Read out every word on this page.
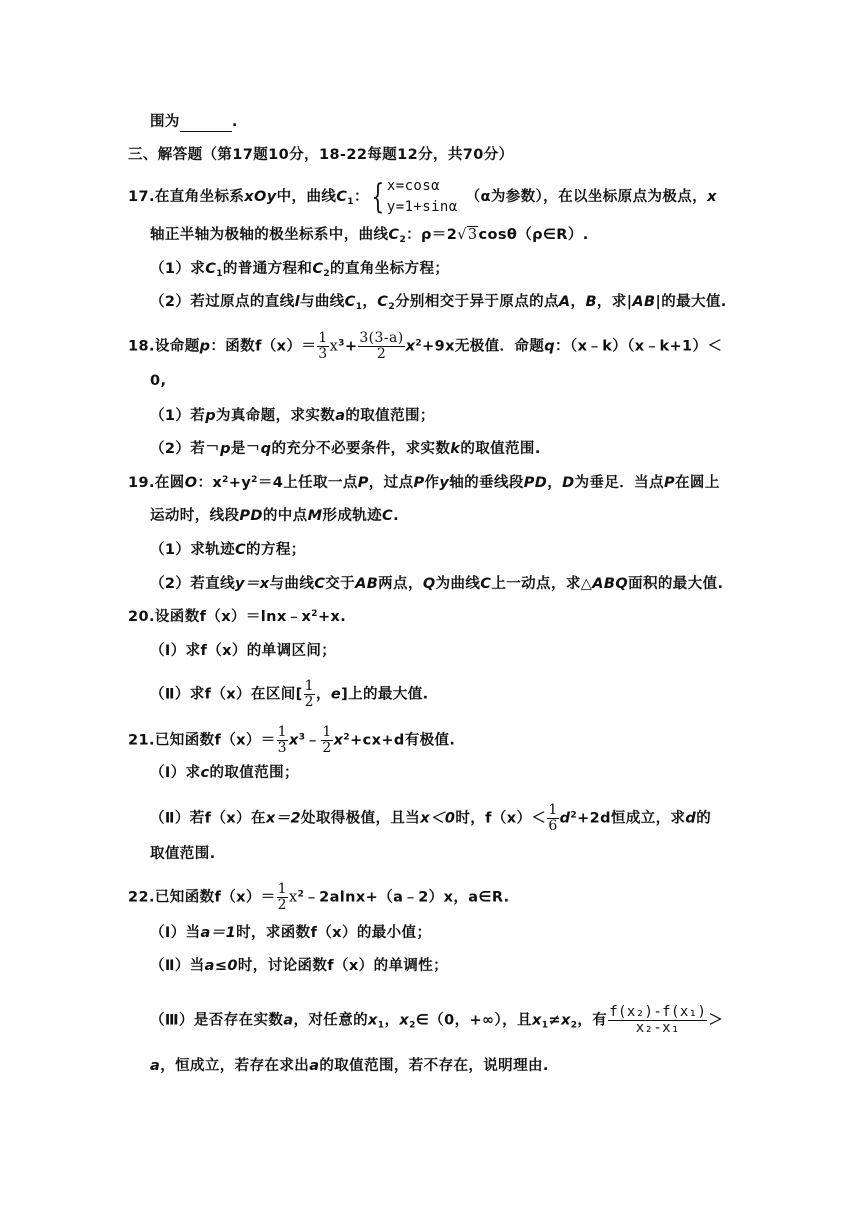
围为	.
三、解答题（第17题10分，18-22每题12分，共70分）
17.在直角坐标系xOy中，曲线$C_1$：{ x=cosα
y=1+sinα
（α为参数），在以坐标原点为极点，x
轴正半轴为极轴的极坐标系中，曲线$C_2$：ρ＝2√3cosθ（ρ∈R）.
（1）求$C_1$的普通方程和$C_2$的直角坐标方程；
（2）若过原点的直线l与曲线$C_1$，$C_2$分别相交于异于原点的点A，B，求|AB|的最大值.
18.设命题p：函数$f(x)= \frac{1}{3} x^3+ \frac{3(3-a)}{2} x^2+9x$无极值．命题q：（x﹣k）（x﹣k+1）＜
0,
（1）若p为真命题，求实数a的取值范围；
（2）若￢p是￢q的充分不必要条件，求实数k的取值范围.
19.在圆O：$x^2+y^2=4$上任取一点P，过点P作y轴的垂线段PD，D为垂足．当点P在圆上
运动时，线段PD的中点M形成轨迹C.
（1）求轨迹C的方程；
（2）若直线y＝x与曲线C交于AB两点，Q为曲线C上一动点，求△ABQ面积的最大值.
20.设函数$f(x)=\ln x﹣x^2+x$.
（Ⅰ）求f（x）的单调区间；
（Ⅱ）求f（x）在区间[ $\frac{1}{2}$ ，e]上的最大值.
21.已知函数$f(x)= \frac{1}{3}$ $x^3﹣ \frac{1}{2} x^2+cx+d$有极值.
（Ⅰ）求c的取值范围；
（Ⅱ）若f（x）在x＝2处取得极值，且当x＜0时，$f(x)< \frac{1}{6} d^2+2d$恒成立，求d的
取值范围.
22.已知函数$f(x)= \frac{1}{2}$ $x^2﹣2alnx+(a﹣2)x$，a∈R.
（Ⅰ）当a＝1时，求函数f（x）的最小值；
（Ⅱ）当a≤0时，讨论函数f（x）的单调性；
（Ⅲ）是否存在实数a，对任意的$x_1$，$x_2\in(0$，+∞），且$x_1\ne x_2$，有 $\frac{\text{f(x₂)-f(x₁)}}{\text{x₂-x₁}}$ ＞
a，恒成立，若存在求出a的取值范围，若不存在，说明理由.
